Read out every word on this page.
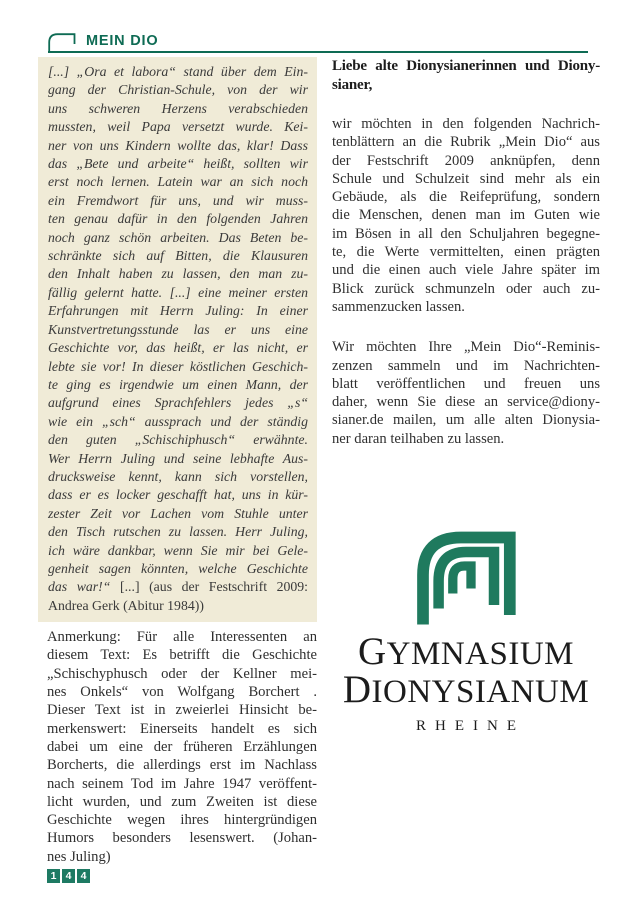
MEIN DIO
[...] „Ora et labora“ stand über dem Ein-
gang der Christian-Schule, von der wir
uns schweren Herzens verabschieden
mussten, weil Papa versetzt wurde. Kei-
ner von uns Kindern wollte das, klar! Dass
das „Bete und arbeite“ heißt, sollten wir
erst noch lernen. Latein war an sich noch
ein Fremdwort für uns, und wir muss-
ten genau dafür in den folgenden Jahren
noch ganz schön arbeiten. Das Beten be-
schränkte sich auf Bitten, die Klausuren
den Inhalt haben zu lassen, den man zu-
fällig gelernt hatte. [...] eine meiner ersten
Erfahrungen mit Herrn Juling: In einer
Kunstvertretungsstunde las er uns eine
Geschichte vor, das heißt, er las nicht, er
lebte sie vor! In dieser köstlichen Geschich-
te ging es irgendwie um einen Mann, der
aufgrund eines Sprachfehlers jedes „s“
wie ein „sch“ aussprach und der ständig
den guten „Schischiphusch“ erwähnte.
Wer Herrn Juling und seine lebhafte Aus-
drucksweise kennt, kann sich vorstellen,
dass er es locker geschafft hat, uns in kür-
zester Zeit vor Lachen vom Stuhle unter
den Tisch rutschen zu lassen. Herr Juling,
ich wäre dankbar, wenn Sie mir bei Gele-
genheit sagen könnten, welche Geschichte
das war!“ [...] (aus der Festschrift 2009:
Andrea Gerk (Abitur 1984))
Anmerkung: Für alle Interessenten an
diesem Text: Es betrifft die Geschichte
„Schischyphusch oder der Kellner mei-
nes Onkels“ von Wolfgang Borchert .
Dieser Text ist in zweierlei Hinsicht be-
merkenswert: Einerseits handelt es sich
dabei um eine der früheren Erzählungen
Borcherts, die allerdings erst im Nachlass
nach seinem Tod im Jahre 1947 veröffent-
licht wurden, und zum Zweiten ist diese
Geschichte wegen ihres hintergründigen
Humors besonders lesenswert. (Johan-
nes Juling)
Liebe alte Dionysianerinnen und Diony-
sianer,
wir möchten in den folgenden Nachrich-
tenblättern an die Rubrik „Mein Dio“ aus
der Festschrift 2009 anknüpfen, denn
Schule und Schulzeit sind mehr als ein
Gebäude, als die Reifeprüfung, sondern
die Menschen, denen man im Guten wie
im Bösen in all den Schuljahren begegne-
te, die Werte vermittelten, einen prägten
und die einen auch viele Jahre später im
Blick zurück schmunzeln oder auch zu-
sammenzucken lassen.
Wir möchten Ihre „Mein Dio“-Reminis-
zenzen sammeln und im Nachrichten-
blatt veröffentlichen und freuen uns
daher, wenn Sie diese an service@diony-
sianer.de mailen, um alle alten Dionysia-
ner daran teilhaben zu lassen.
GYMNASIUM
DIONYSIANUM
RHEINE
1 4 4
